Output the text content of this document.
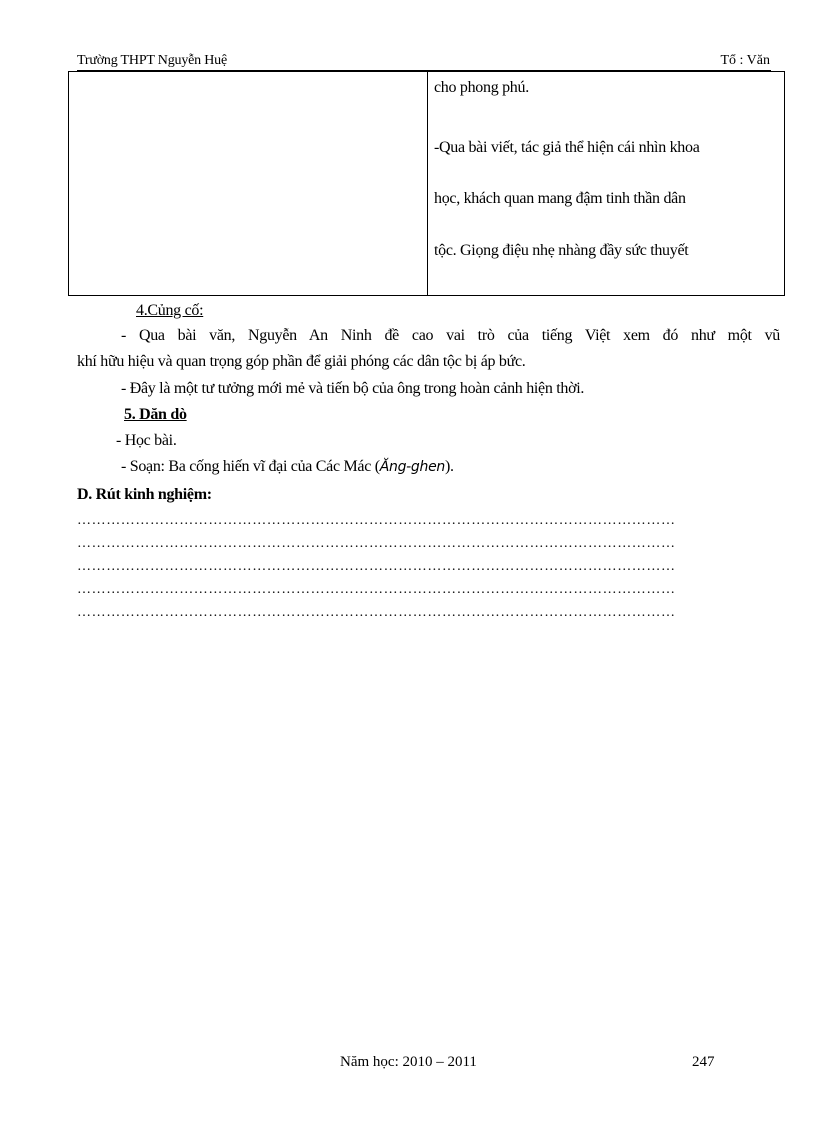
Trường THPT Nguyễn Huệ	Tổ : Văn
cho phong phú.
-Qua bài viết, tác giả thể hiện cái nhìn khoa
học, khách quan mang đậm tinh thần dân
tộc. Giọng điệu nhẹ nhàng đầy sức thuyết
4.Củng cố:
- Qua bài văn, Nguyễn An Ninh đề cao vai trò của tiếng Việt xem đó như một vũ
khí hữu hiệu và quan trọng góp phần để giải phóng các dân tộc bị áp bức.
- Đây là một tư tưởng mới mẻ và tiến bộ của ông trong hoàn cảnh hiện thời.
5. Dăn dò
- Học bài.
- Soạn: Ba cống hiến vĩ đại của Các Mác (Ăng-ghen).
D. Rút kinh nghiệm:
……………………………………………………………………………………………………………
……………………………………………………………………………………………………………
……………………………………………………………………………………………………………
……………………………………………………………………………………………………………
……………………………………………………………………………………………………………
Năm học: 2010 – 2011	247
